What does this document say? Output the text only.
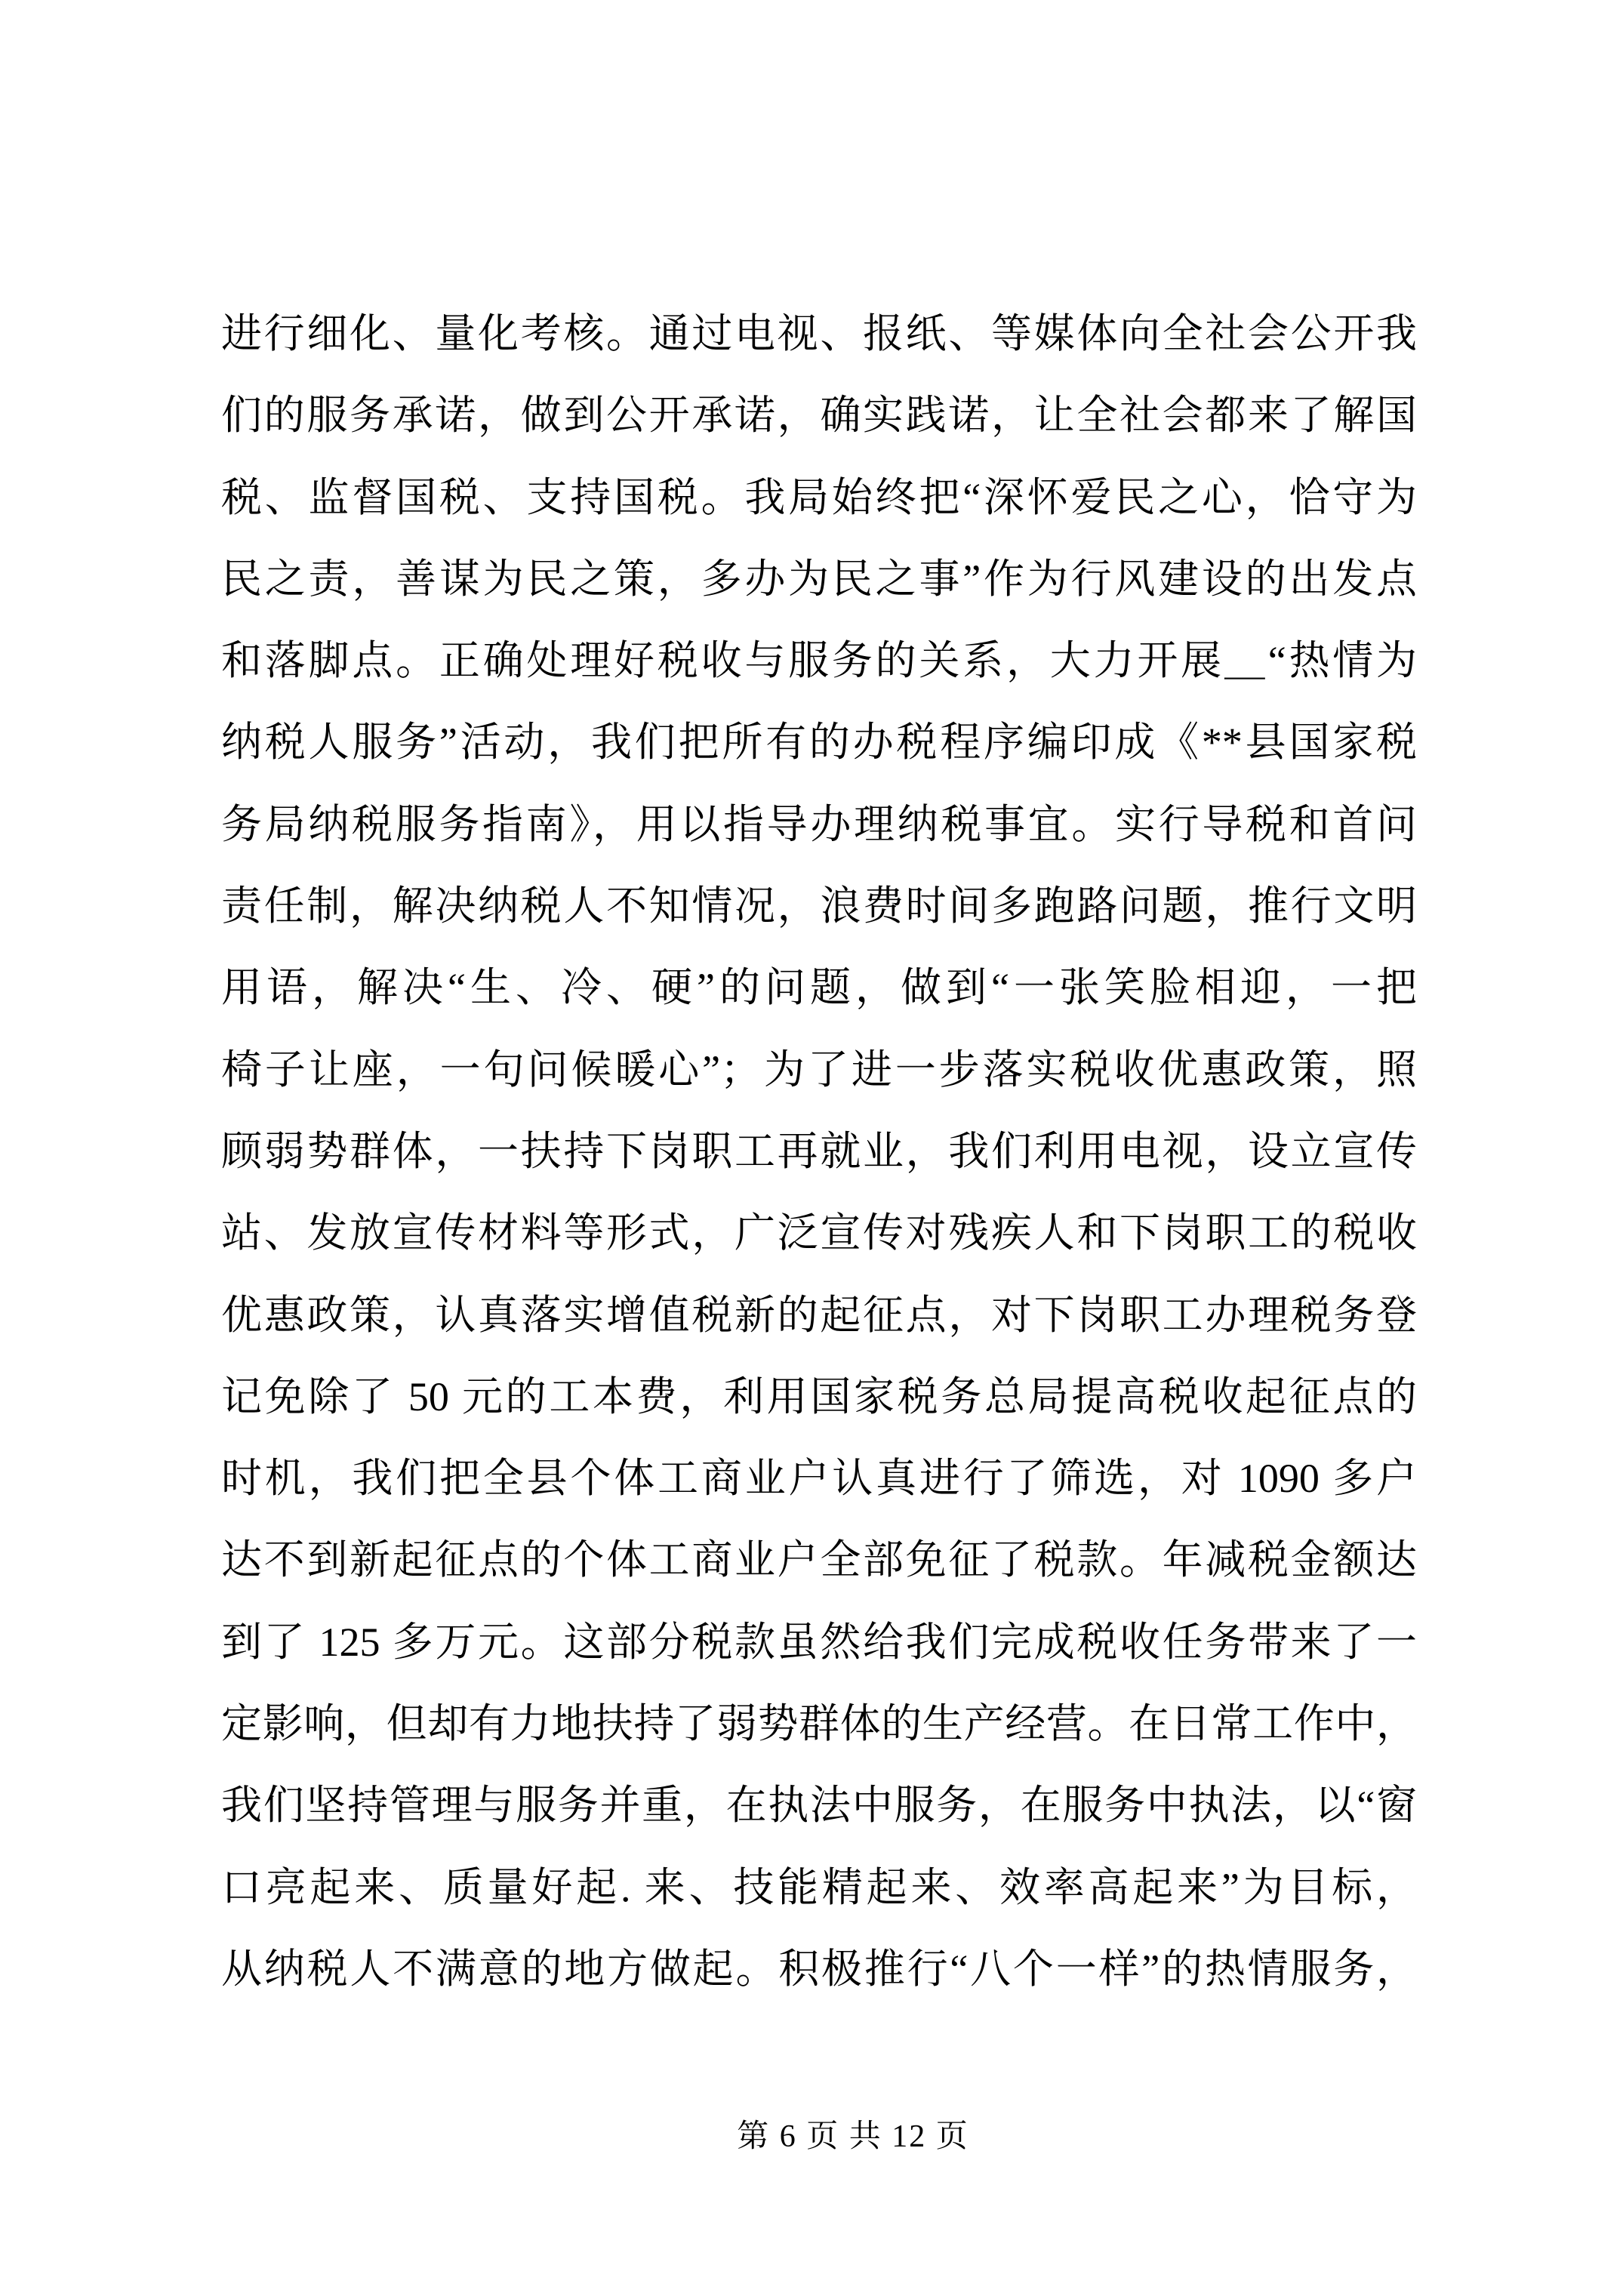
进行细化、量化考核。通过电视、报纸、等媒体向全社会公开我
们的服务承诺，做到公开承诺，确实践诺，让全社会都来了解国
税、监督国税、支持国税。我局始终把“深怀爱民之心，恰守为
民之责，善谋为民之策，多办为民之事”作为行风建设的出发点
和落脚点。正确处理好税收与服务的关系，大力开展＿“热情为
纳税人服务”活动，我们把所有的办税程序编印成《**县国家税
务局纳税服务指南》，用以指导办理纳税事宜。实行导税和首问
责任制，解决纳税人不知情况，浪费时间多跑路问题，推行文明
用语，解决“生、冷、硬”的问题，做到“一张笑脸相迎，一把
椅子让座，一句问候暖心”；为了进一步落实税收优惠政策，照
顾弱势群体，一扶持下岗职工再就业，我们利用电视，设立宣传
站、发放宣传材料等形式，广泛宣传对残疾人和下岗职工的税收
优惠政策，认真落实增值税新的起征点，对下岗职工办理税务登
记免除了 50 元的工本费，利用国家税务总局提高税收起征点的
时机，我们把全县个体工商业户认真进行了筛选，对 1090 多户
达不到新起征点的个体工商业户全部免征了税款。年减税金额达
到了 125 多万元。这部分税款虽然给我们完成税收任务带来了一
定影响，但却有力地扶持了弱势群体的生产经营。在日常工作中，
我们坚持管理与服务并重，在执法中服务，在服务中执法，以“窗
口亮起来、质量好起. 来、技能精起来、效率高起来”为目标，
从纳税人不满意的地方做起。积极推行“八个一样”的热情服务，
第 6 页 共 12 页
